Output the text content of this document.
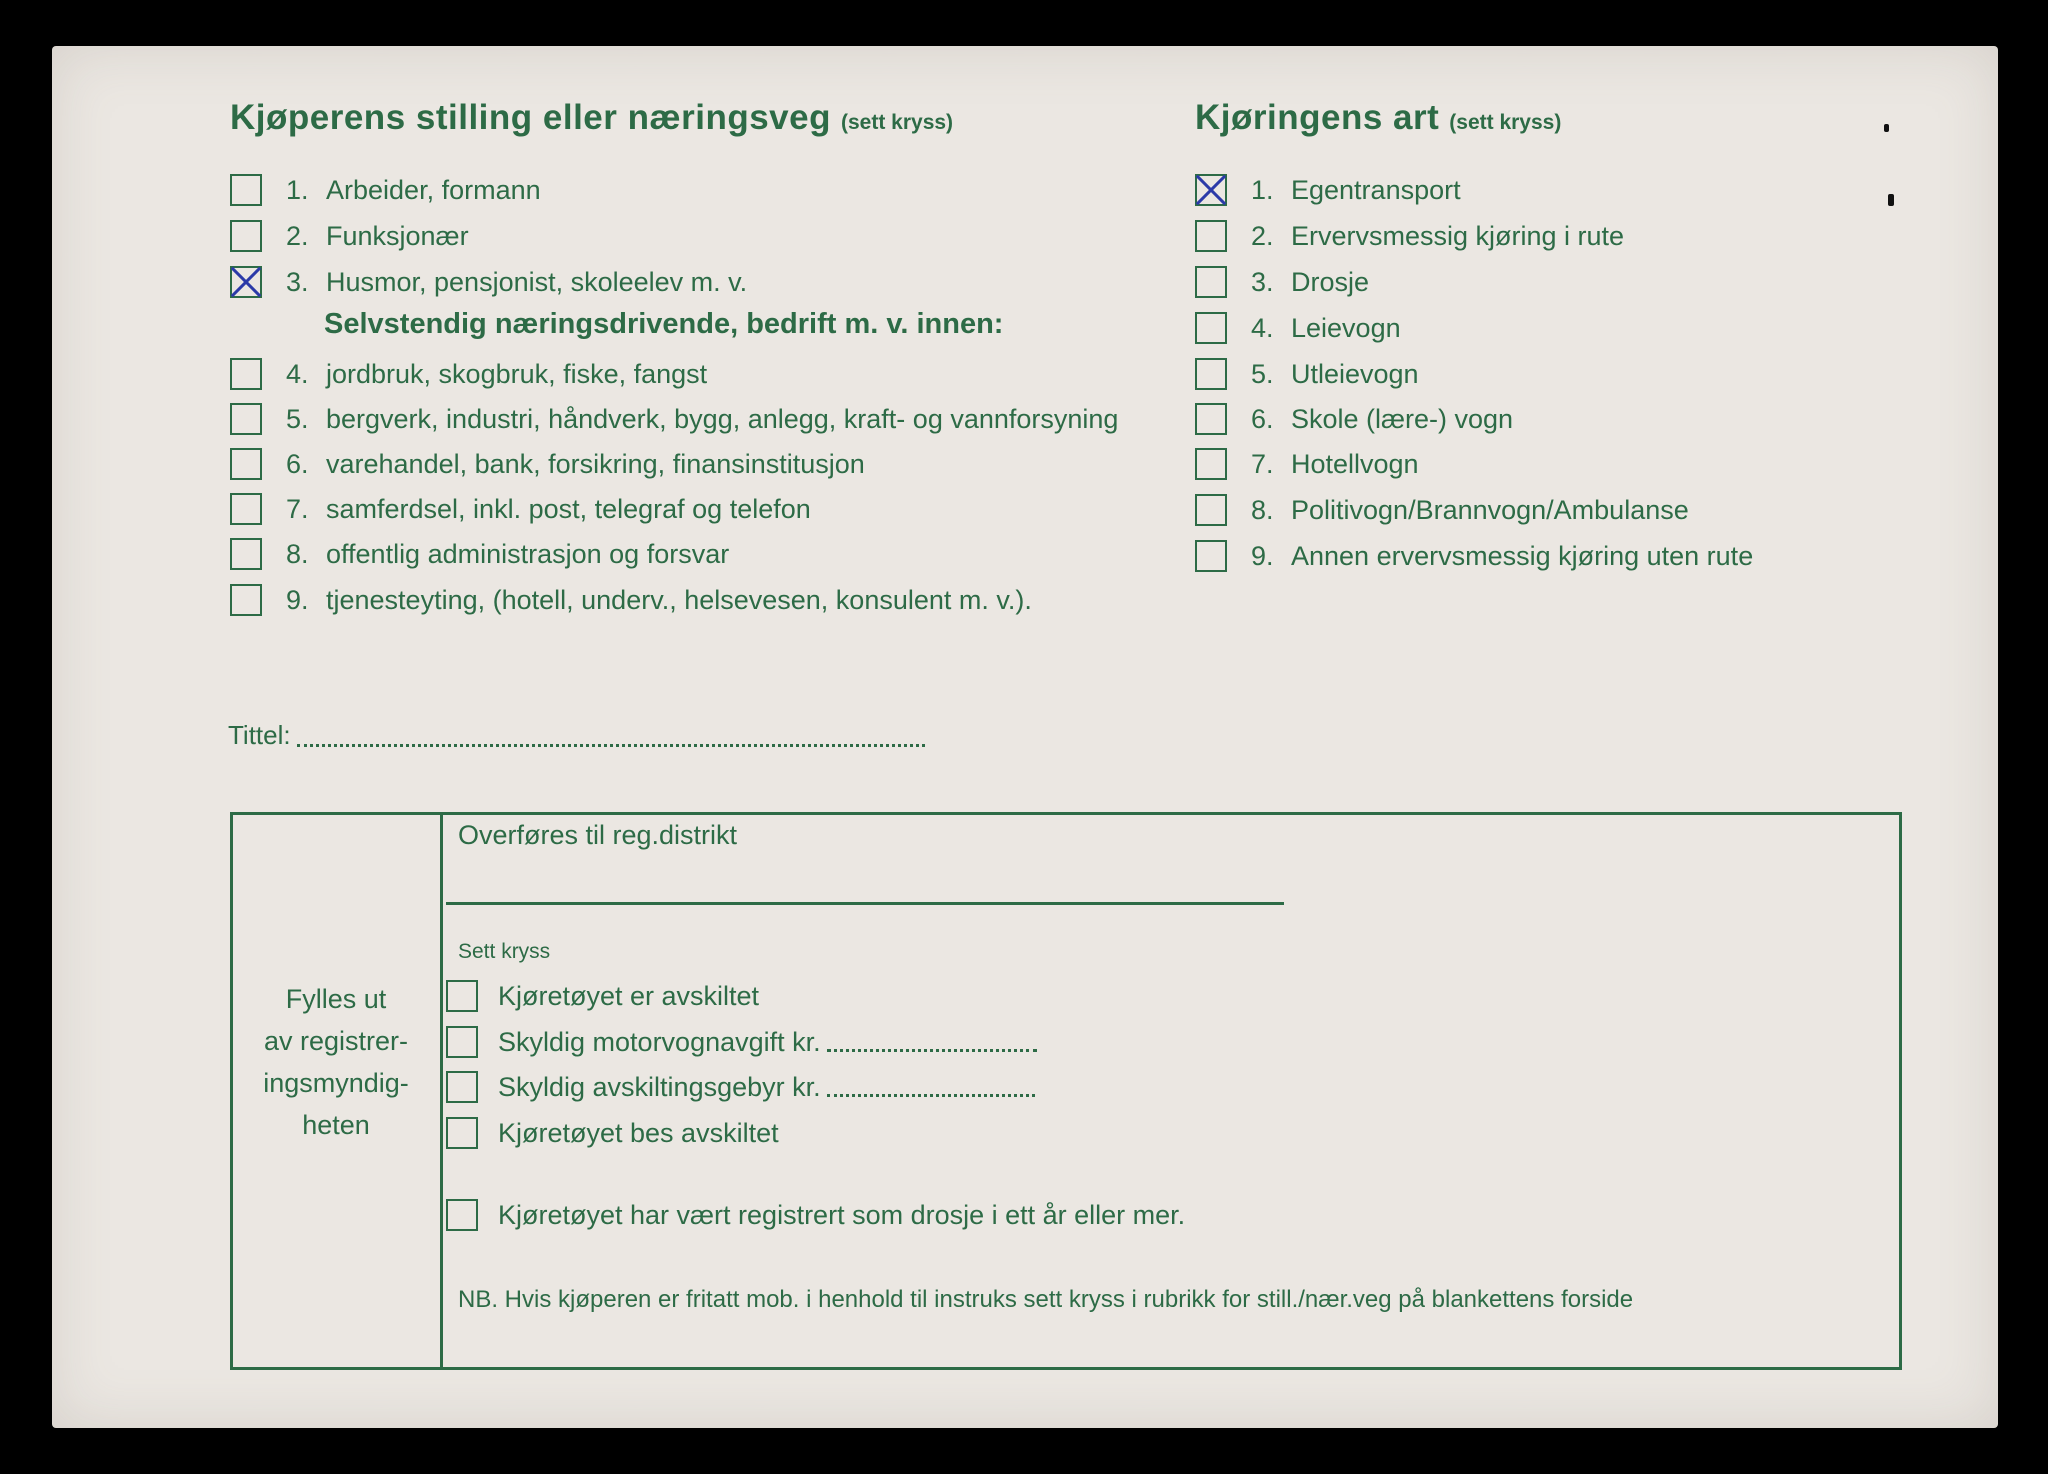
Kjøperens stilling eller næringsveg (sett kryss)	Kjøringens art (sett kryss)
1. Arbeider, formann
2. Funksjonær
3. Husmor, pensjonist, skoleelev m. v.
Selvstendig næringsdrivende, bedrift m. v. innen:
4. jordbruk, skogbruk, fiske, fangst
5. bergverk, industri, håndverk, bygg, anlegg, kraft- og vannforsyning
6. varehandel, bank, forsikring, finansinstitusjon
7. samferdsel, inkl. post, telegraf og telefon
8. offentlig administrasjon og forsvar
9. tjenesteyting, (hotell, underv., helsevesen, konsulent m. v.).
1. Egentransport
2. Ervervsmessig kjøring i rute
3. Drosje
4. Leievogn
5. Utleievogn
6. Skole (lære-) vogn
7. Hotellvogn
8. Politivogn/Brannvogn/Ambulanse
9. Annen ervervsmessig kjøring uten rute
Tittel:
Fylles ut
av registrer-
ingsmyndig-
heten
Overføres til reg.distrikt
Sett kryss
Kjøretøyet er avskiltet
Skyldig motorvognavgift kr.
Skyldig avskiltingsgebyr kr.
Kjøretøyet bes avskiltet
Kjøretøyet har vært registrert som drosje i ett år eller mer.
NB. Hvis kjøperen er fritatt mob. i henhold til instruks sett kryss i rubrikk for still./nær.veg på blankettens forside
